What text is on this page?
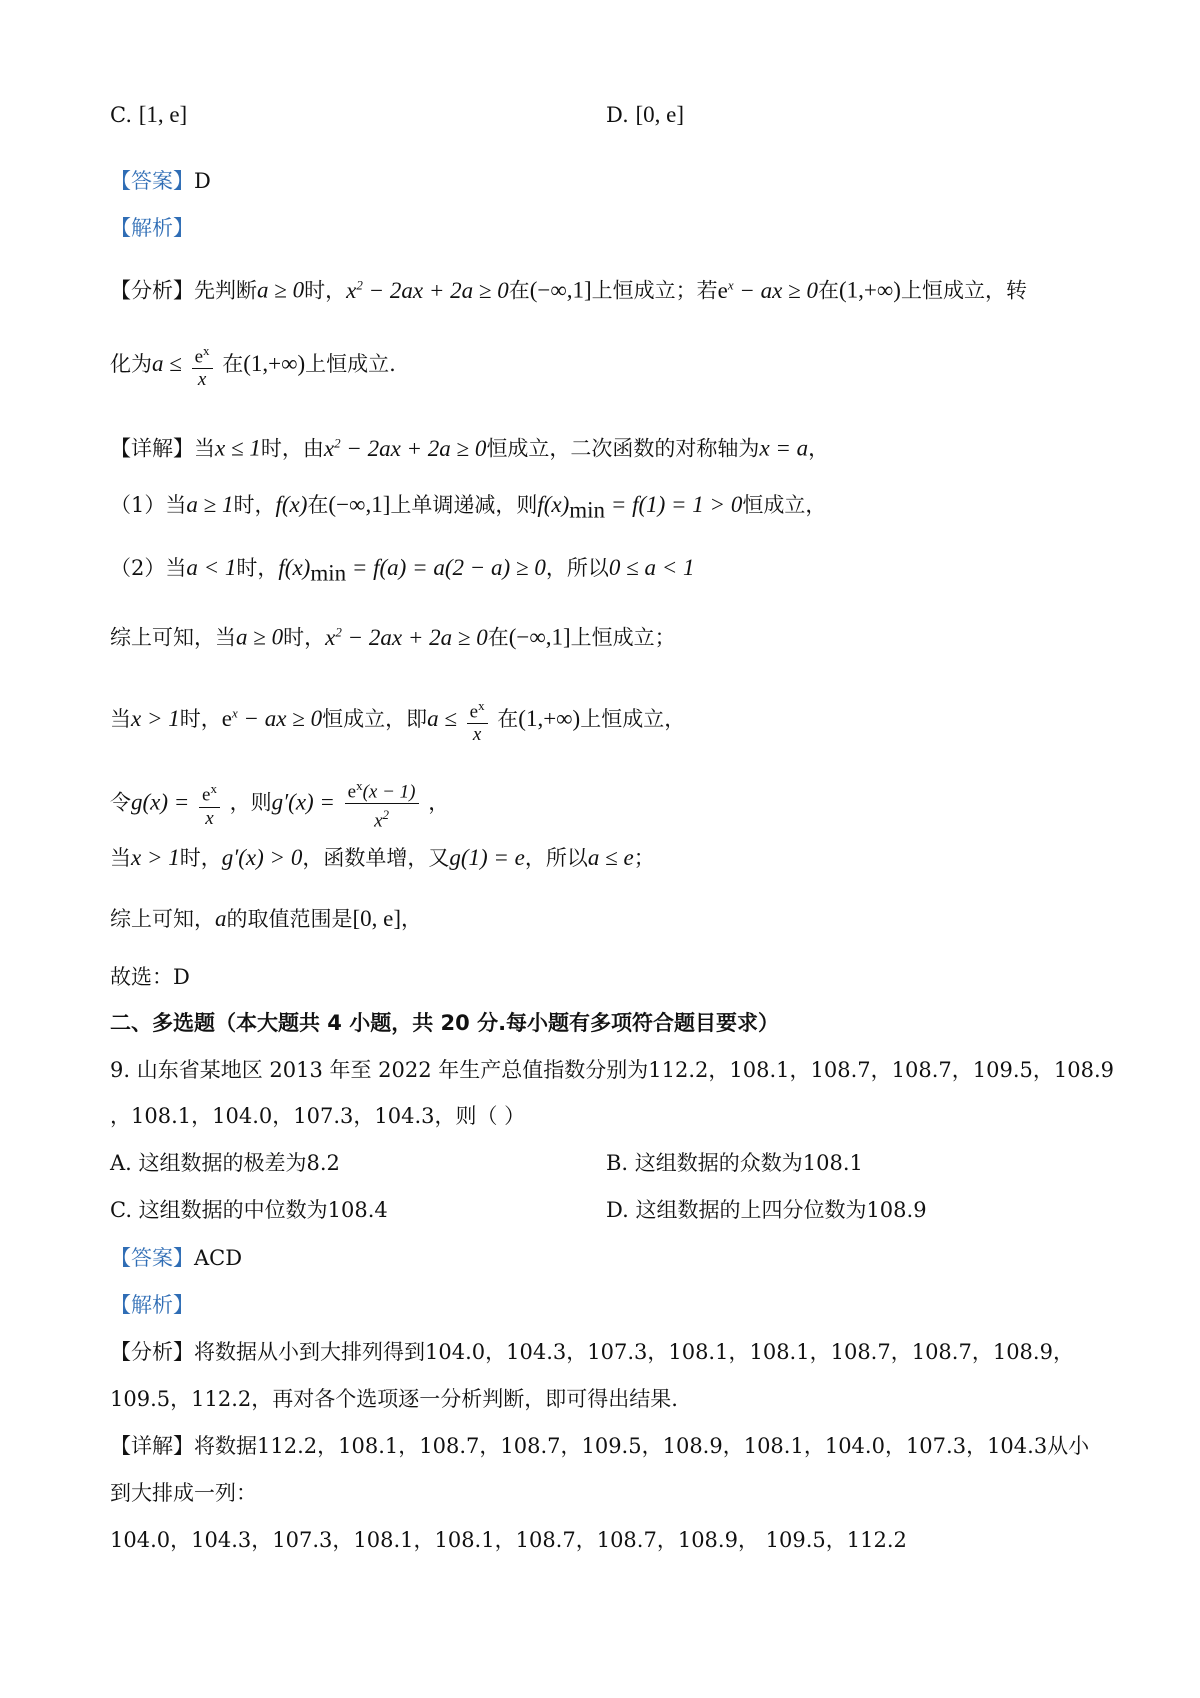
C. [1, e]	D. [0, e]
【答案】D
【解析】
【分析】先判断a ≥ 0时，$x^2 - 2ax + 2a \ge 0$在(−∞,1]上恒成立；若$e^x$ − ax ≥ 0在(1,+∞)上恒成立，转
化为$a \le \frac{e^x}{x}$ 在(1,+∞)上恒成立.
【详解】当x ≤ 1时，由$x^2 - 2ax + 2a \ge 0$恒成立，二次函数的对称轴为x = a，
（1）当a ≥ 1时，f(x)在(−∞,1]上单调递减，则$f(x)_{min} = f(1) = 1 > 0$恒成立，
（2）当a < 1时，$f(x)_{min} = f(a) = a(2 - a) \ge 0$，所以0 ≤ a < 1
综上可知，当a ≥ 0时，$x^2 - 2ax + 2a \ge 0$在(−∞,1]上恒成立；
当x > 1时，$e^x$ − ax ≥ 0恒成立，即$a \le \frac{e^x}{x}$ 在(1,+∞)上恒成立，
令$g(x) = \frac{e^x}{x}$ ，则$g'(x) = \frac{e^x(x - 1)}{x^2}$ ，
当x > 1时，g′(x) > 0，函数单增，又g(1) = e，所以a ≤ e；
综上可知，a的取值范围是[0, e]，
故选：D
二、多选题（本大题共 4 小题，共 20 分.每小题有多项符合题目要求）
9. 山东省某地区 2013 年至 2022 年生产总值指数分别为112.2，108.1，108.7，108.7，109.5，108.9
，108.1，104.0，107.3，104.3，则（ ）
A. 这组数据的极差为8.2	B. 这组数据的众数为108.1
C. 这组数据的中位数为108.4	D. 这组数据的上四分位数为108.9
【答案】ACD
【解析】
【分析】将数据从小到大排列得到104.0，104.3，107.3，108.1，108.1，108.7，108.7，108.9，
109.5，112.2，再对各个选项逐一分析判断，即可得出结果.
【详解】将数据112.2，108.1，108.7，108.7，109.5，108.9，108.1，104.0，107.3，104.3从小
到大排成一列：
104.0，104.3，107.3，108.1，108.1，108.7，108.7，108.9， 109.5，112.2
